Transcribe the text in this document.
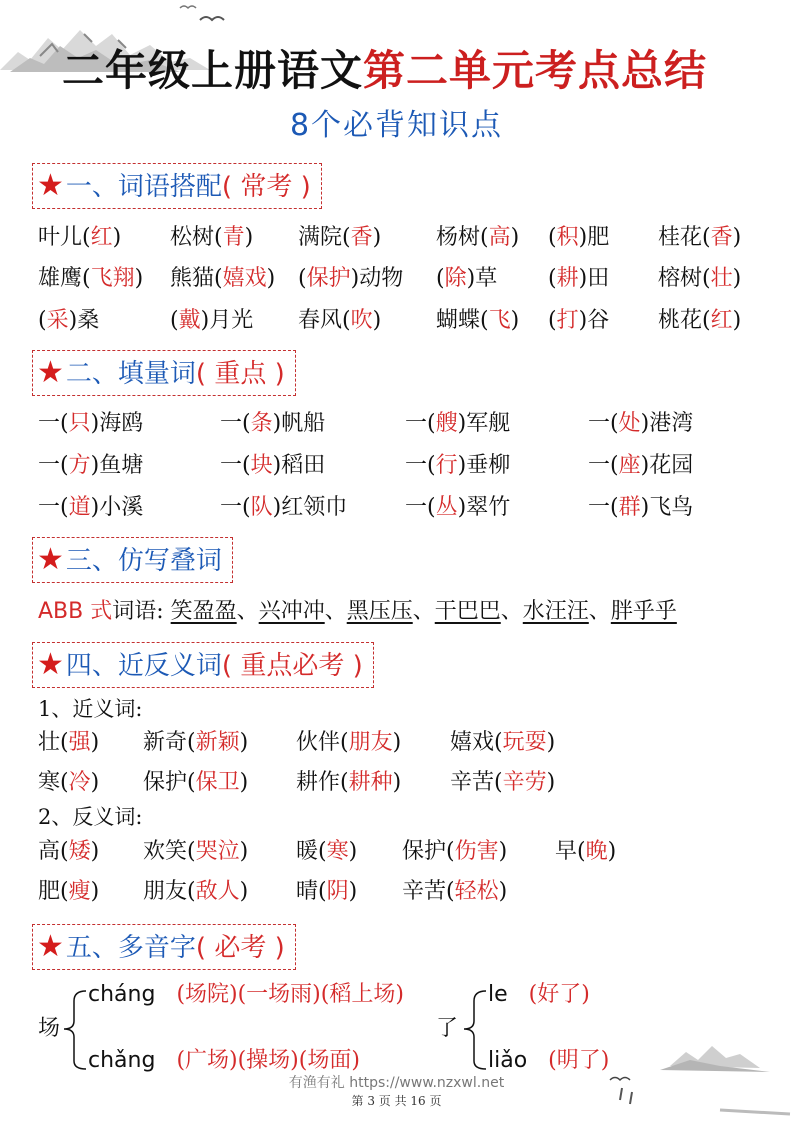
二年级上册语文第二单元考点总结
8个必背知识点
★一、词语搭配( 常考 )
叶儿(红) 松树(青) 满院(香) 杨树(高) (积)肥 桂花(香)
雄鹰(飞翔) 熊猫(嬉戏) (保护)动物 (除)草 (耕)田 榕树(壮)
(采)桑	(戴)月光 春风(吹) 蝴蝶(飞) (打)谷 桃花(红)
★二、填量词( 重点 )
一(只)海鸥	一(条)帆船	一(艘)军舰	一(处)港湾
一(方)鱼塘	一(块)稻田	一(行)垂柳	一(座)花园
一(道)小溪	一(队)红领巾	一(丛)翠竹	一(群)飞鸟
★三、仿写叠词
ABB 式词语: 笑盈盈、兴冲冲、黑压压、干巴巴、水汪汪、胖乎乎
★四、近反义词( 重点必考 )
1、近义词:
壮(强) 新奇(新颖) 伙伴(朋友) 嬉戏(玩耍)
寒(冷) 保护(保卫) 耕作(耕种) 辛苦(辛劳)
2、反义词:
高(矮) 欢笑(哭泣) 暖(寒) 保护(伤害) 早(晚)
肥(瘦) 朋友(敌人) 晴(阴) 辛苦(轻松)
★五、多音字( 必考 )
场
cháng (场院)(一场雨)(稻上场)
chǎng (广场)(操场)(场面)
了
le (好了)
liǎo (明了)
有渔有礼 https://www.nzxwl.net
第 3 页 共 16 页
